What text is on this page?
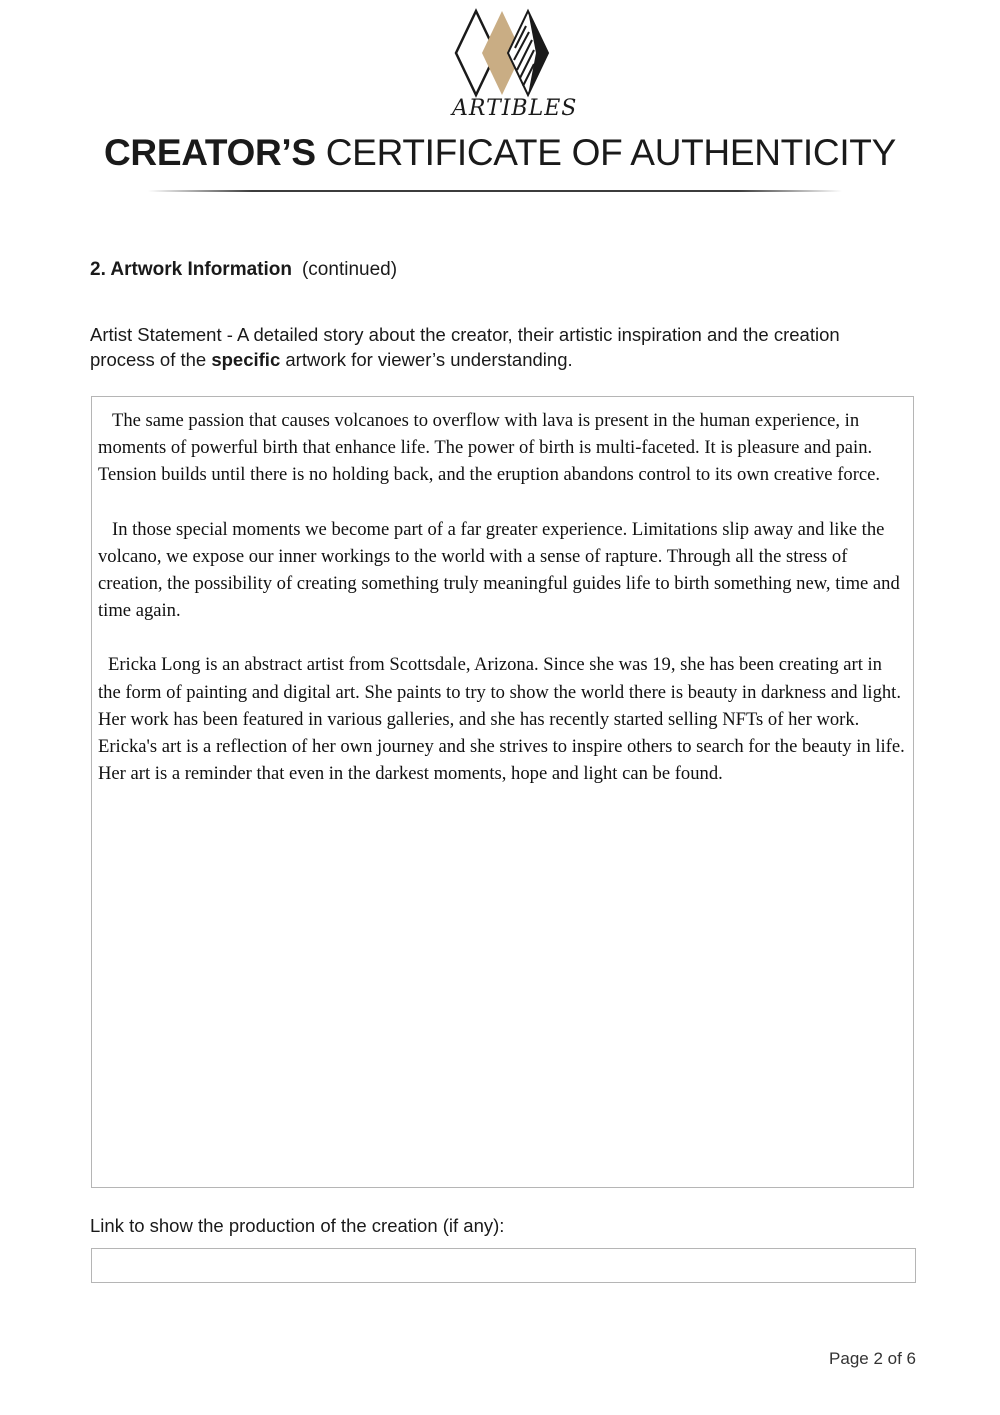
ARTIBLES
CREATOR’S CERTIFICATE OF AUTHENTICITY
2. Artwork Information (continued)
Artist Statement - A detailed story about the creator, their artistic inspiration and the creation process of the specific artwork for viewer’s understanding.

The same passion that causes volcanoes to overflow with lava is present in the human experience, in moments of powerful birth that enhance life. The power of birth is multi-faceted. It is pleasure and pain. Tension builds until there is no holding back, and the eruption abandons control to its own creative force.

In those special moments we become part of a far greater experience. Limitations slip away and like the volcano, we expose our inner workings to the world with a sense of rapture. Through all the stress of creation, the possibility of creating something truly meaningful guides life to birth something new, time and time again.

Ericka Long is an abstract artist from Scottsdale, Arizona. Since she was 19, she has been creating art in the form of painting and digital art. She paints to try to show the world there is beauty in darkness and light. Her work has been featured in various galleries, and she has recently started selling NFTs of her work. Ericka's art is a reflection of her own journey and she strives to inspire others to search for the beauty in life. Her art is a reminder that even in the darkest moments, hope and light can be found.

Link to show the production of the creation (if any):
Page 2 of 6
